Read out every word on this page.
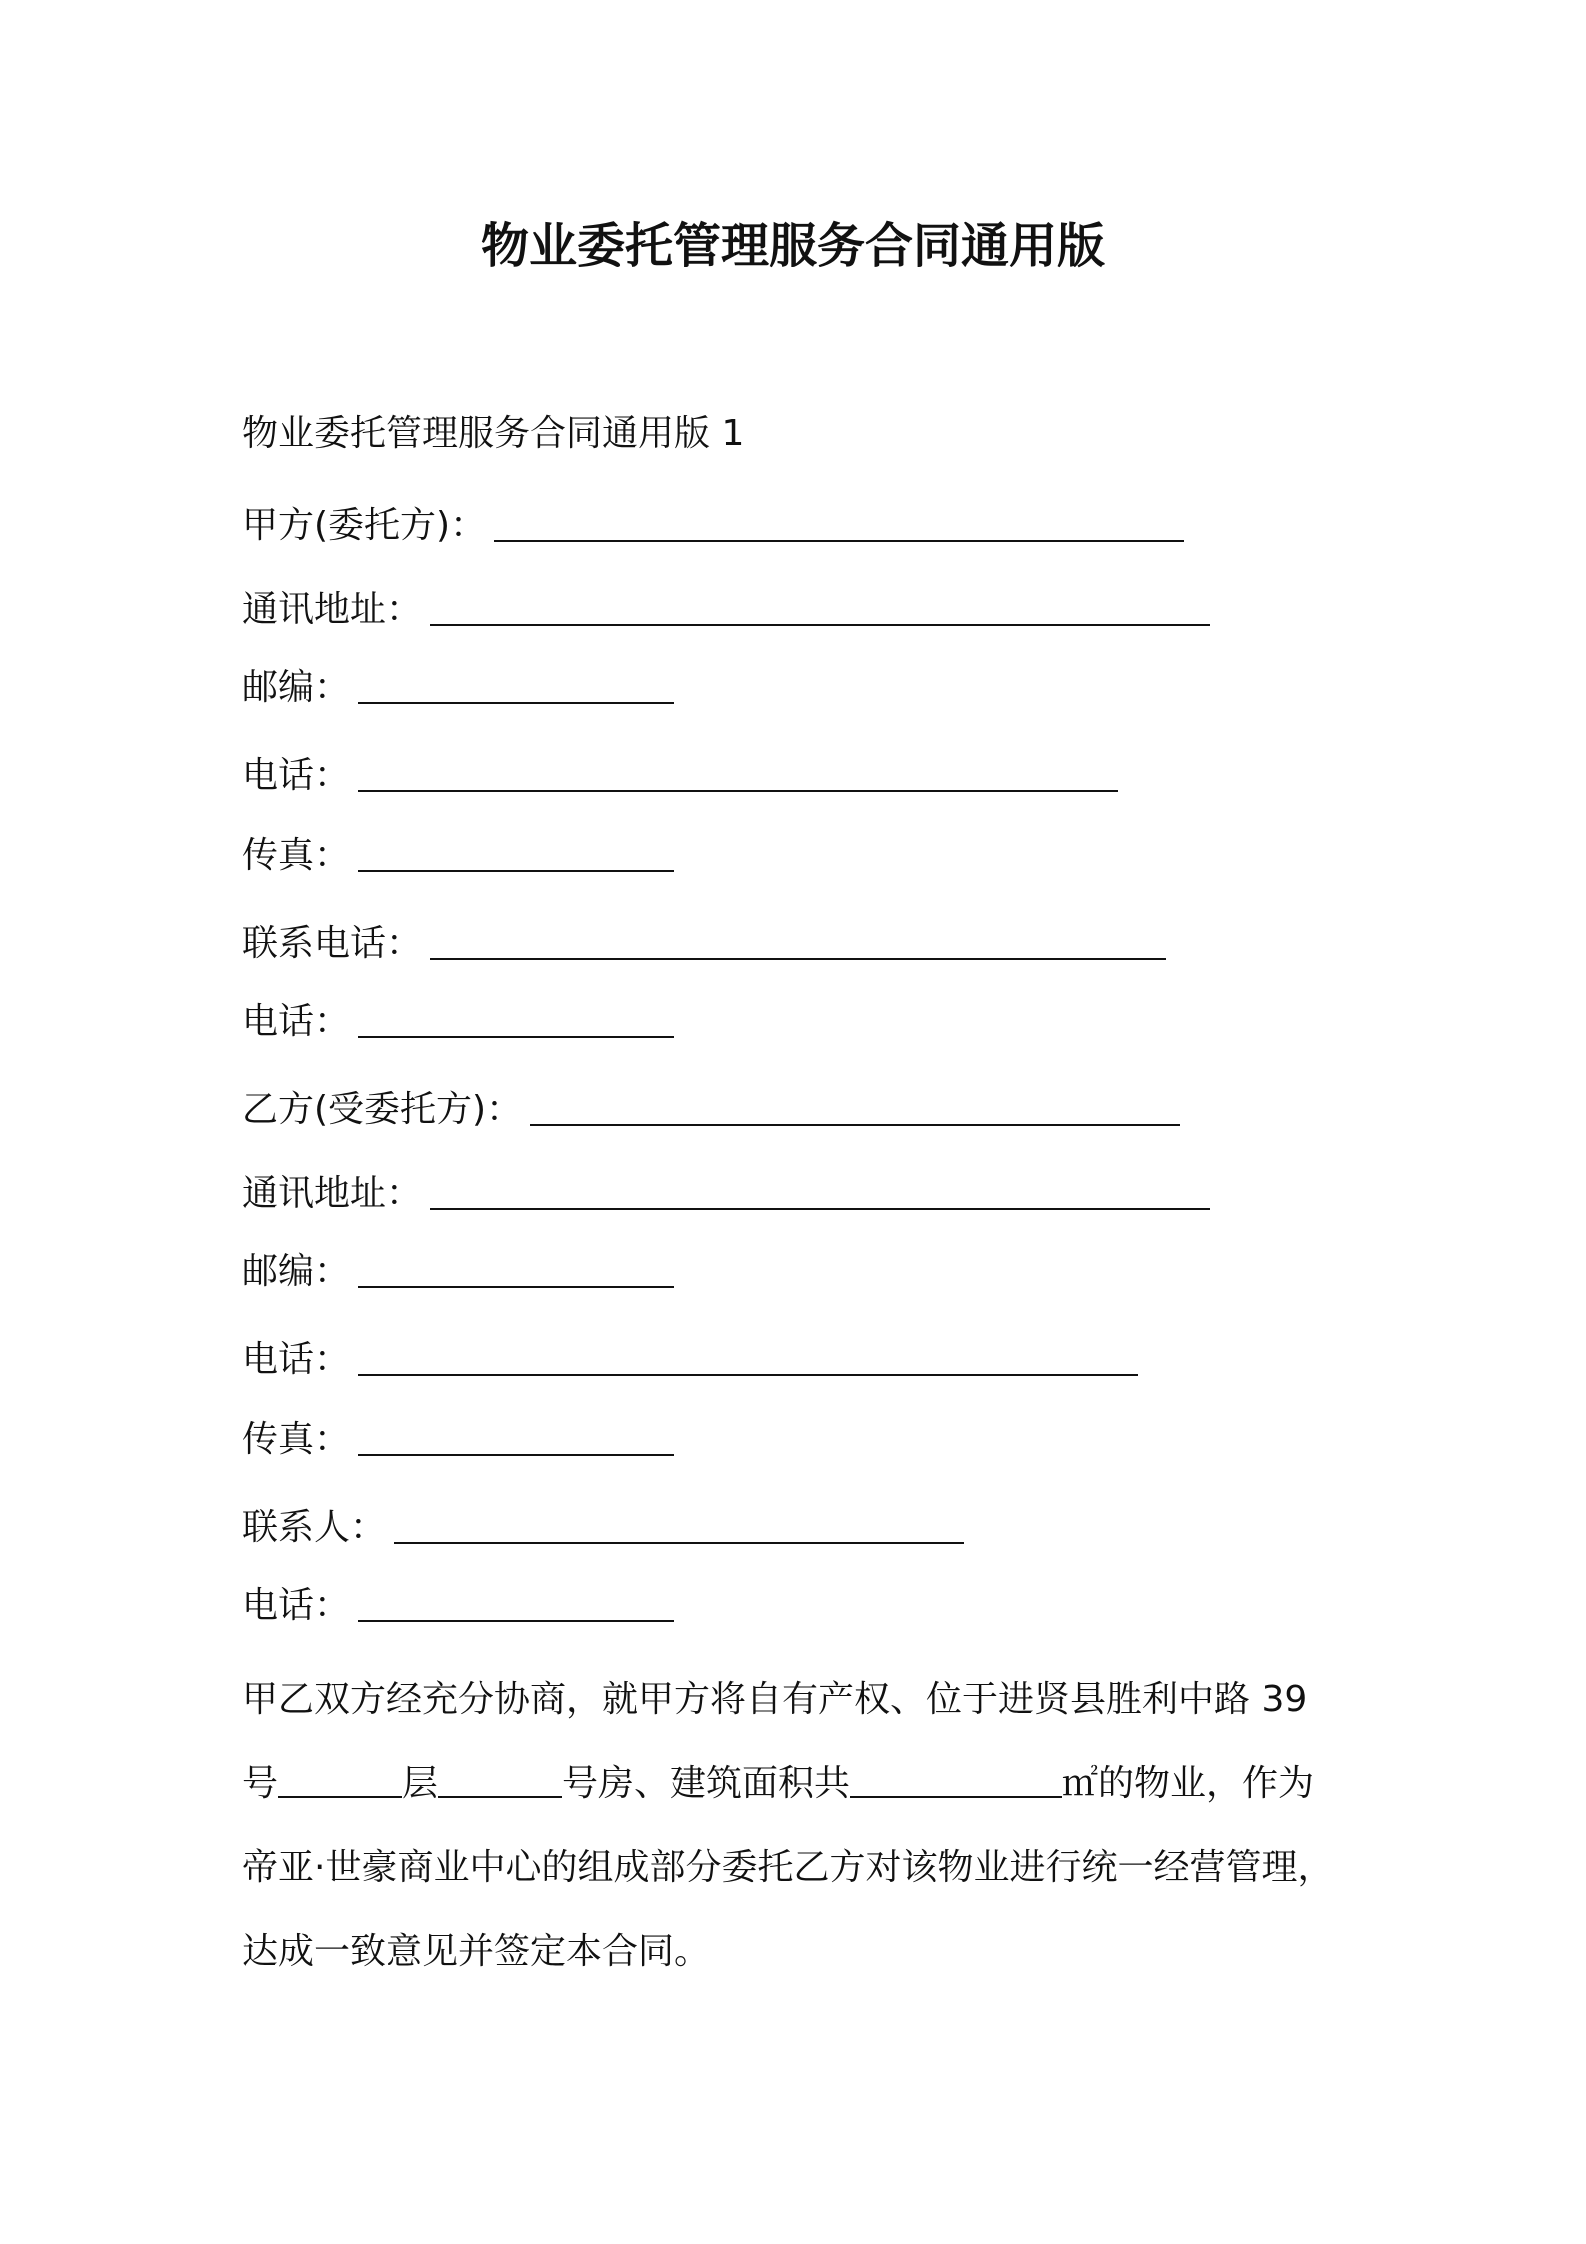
物业委托管理服务合同通用版
物业委托管理服务合同通用版 1
甲方(委托方)：
通讯地址：
邮编：
电话：
传真：
联系电话：
电话：
乙方(受委托方)：
通讯地址：
邮编：
电话：
传真：
联系人：
电话：
甲乙双方经充分协商，就甲方将自有产权、位于进贤县胜利中路 39
号	层	号房、建筑面积共	㎡的物业，作为
帝亚·世豪商业中心的组成部分委托乙方对该物业进行统一经营管理，
达成一致意见并签定本合同。
